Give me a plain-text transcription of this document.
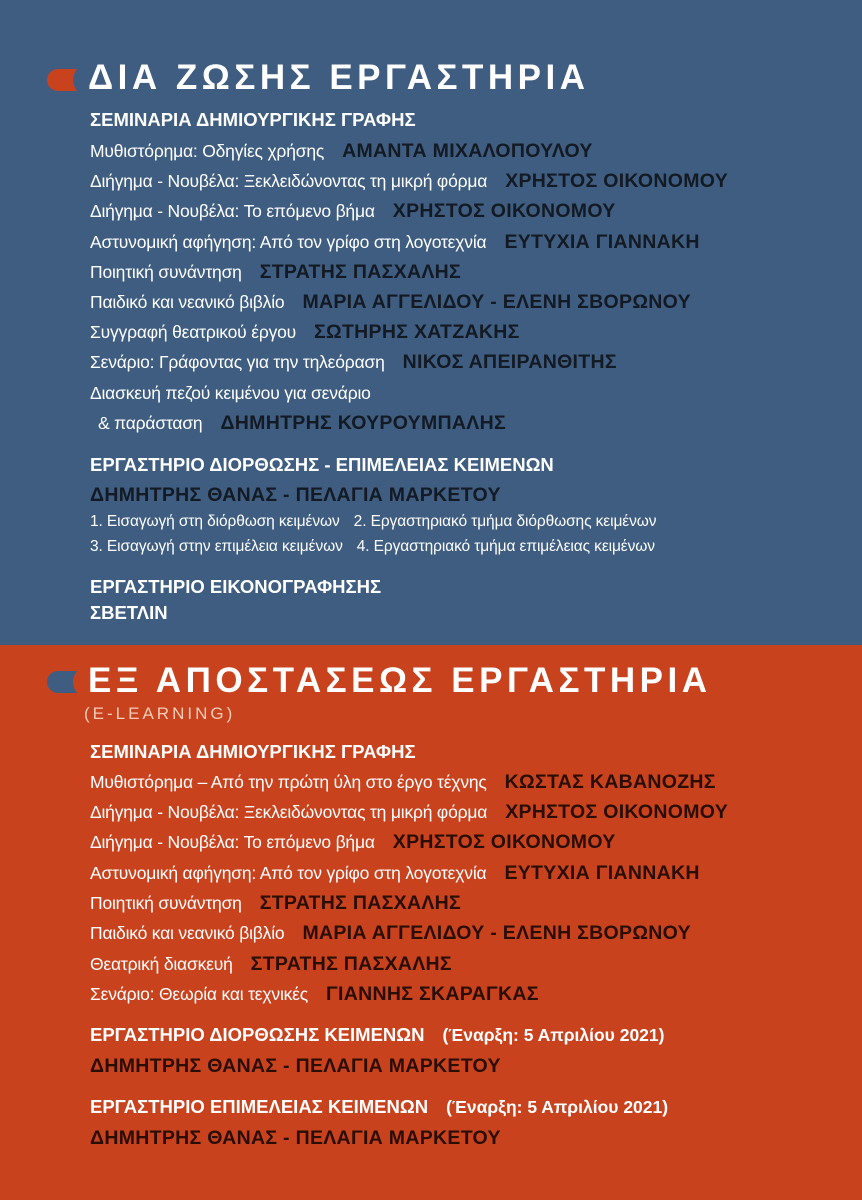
ΔΙΑ ΖΩΣΗΣ ΕΡΓΑΣΤΗΡΙΑ
ΣΕΜΙΝΑΡΙΑ ΔΗΜΙΟΥΡΓΙΚΗΣ ΓΡΑΦΗΣ
Μυθιστόρημα: Οδηγίες χρήσης ΑΜΑΝΤΑ ΜΙΧΑΛΟΠΟΥΛΟΥ
Διήγημα - Νουβέλα: Ξεκλειδώνοντας τη μικρή φόρμα ΧΡΗΣΤΟΣ ΟΙΚΟΝΟΜΟΥ
Διήγημα - Νουβέλα: Το επόμενο βήμα ΧΡΗΣΤΟΣ ΟΙΚΟΝΟΜΟΥ
Αστυνομική αφήγηση: Από τον γρίφο στη λογοτεχνία ΕΥΤΥΧΙΑ ΓΙΑΝΝΑΚΗ
Ποιητική συνάντηση ΣΤΡΑΤΗΣ ΠΑΣΧΑΛΗΣ
Παιδικό και νεανικό βιβλίο ΜΑΡΙΑ ΑΓΓΕΛΙΔΟΥ - ΕΛΕΝΗ ΣΒΟΡΩΝΟΥ
Συγγραφή θεατρικού έργου ΣΩΤΗΡΗΣ ΧΑΤΖΑΚΗΣ
Σενάριο: Γράφοντας για την τηλεόραση ΝΙΚΟΣ ΑΠΕΙΡΑΝΘΙΤΗΣ
Διασκευή πεζού κειμένου για σενάριο
& παράσταση ΔΗΜΗΤΡΗΣ ΚΟΥΡΟΥΜΠΑΛΗΣ
ΕΡΓΑΣΤΗΡΙΟ ΔΙΟΡΘΩΣΗΣ - ΕΠΙΜΕΛΕΙΑΣ ΚΕΙΜΕΝΩΝ
ΔΗΜΗΤΡΗΣ ΘΑΝΑΣ - ΠΕΛΑΓΙΑ ΜΑΡΚΕΤΟΥ
1. Εισαγωγή στη διόρθωση κειμένων 2. Εργαστηριακό τμήμα διόρθωσης κειμένων
3. Εισαγωγή στην επιμέλεια κειμένων 4. Εργαστηριακό τμήμα επιμέλειας κειμένων
ΕΡΓΑΣΤΗΡΙΟ ΕΙΚΟΝΟΓΡΑΦΗΣΗΣ
ΣΒΕΤΛΙΝ
ΕΞ ΑΠΟΣΤΑΣΕΩΣ ΕΡΓΑΣΤΗΡΙΑ
(E-LEARNING)
ΣΕΜΙΝΑΡΙΑ ΔΗΜΙΟΥΡΓΙΚΗΣ ΓΡΑΦΗΣ
Μυθιστόρημα – Από την πρώτη ύλη στο έργο τέχνης ΚΩΣΤΑΣ ΚΑΒΑΝΟΖΗΣ
Διήγημα - Νουβέλα: Ξεκλειδώνοντας τη μικρή φόρμα ΧΡΗΣΤΟΣ ΟΙΚΟΝΟΜΟΥ
Διήγημα - Νουβέλα: Το επόμενο βήμα ΧΡΗΣΤΟΣ ΟΙΚΟΝΟΜΟΥ
Αστυνομική αφήγηση: Από τον γρίφο στη λογοτεχνία ΕΥΤΥΧΙΑ ΓΙΑΝΝΑΚΗ
Ποιητική συνάντηση ΣΤΡΑΤΗΣ ΠΑΣΧΑΛΗΣ
Παιδικό και νεανικό βιβλίο ΜΑΡΙΑ ΑΓΓΕΛΙΔΟΥ - ΕΛΕΝΗ ΣΒΟΡΩΝΟΥ
Θεατρική διασκευή ΣΤΡΑΤΗΣ ΠΑΣΧΑΛΗΣ
Σενάριο: Θεωρία και τεχνικές ΓΙΑΝΝΗΣ ΣΚΑΡΑΓΚΑΣ
ΕΡΓΑΣΤΗΡΙΟ ΔΙΟΡΘΩΣΗΣ ΚΕΙΜΕΝΩΝ (Έναρξη: 5 Απριλίου 2021)
ΔΗΜΗΤΡΗΣ ΘΑΝΑΣ - ΠΕΛΑΓΙΑ ΜΑΡΚΕΤΟΥ
ΕΡΓΑΣΤΗΡΙΟ ΕΠΙΜΕΛΕΙΑΣ ΚΕΙΜΕΝΩΝ (Έναρξη: 5 Απριλίου 2021)
ΔΗΜΗΤΡΗΣ ΘΑΝΑΣ - ΠΕΛΑΓΙΑ ΜΑΡΚΕΤΟΥ
